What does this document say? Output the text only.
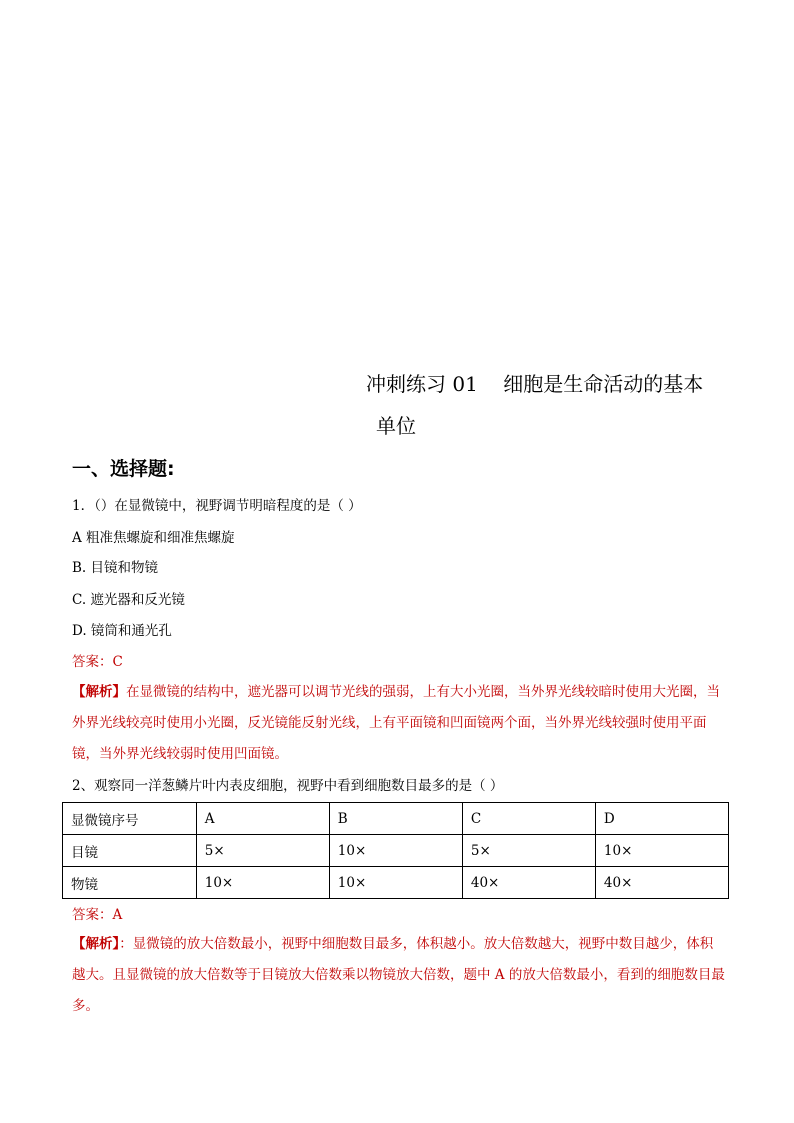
冲刺练习 01    细胞是生命活动的基本
单位
一、选择题:
1．（）在显微镜中，视野调节明暗程度的是（ ）
A 粗准焦螺旋和细准焦螺旋
B. 目镜和物镜
C. 遮光器和反光镜
D. 镜筒和通光孔
答案：C
【解析】在显微镜的结构中，遮光器可以调节光线的强弱，上有大小光圈，当外界光线较暗时使用大光圈，当外界光线较亮时使用小光圈，反光镜能反射光线，上有平面镜和凹面镜两个面，当外界光线较强时使用平面镜，当外界光线较弱时使用凹面镜。
2、观察同一洋葱鳞片叶内表皮细胞，视野中看到细胞数目最多的是（ ）
显微镜序号	A	B	C	D
目镜	5×	10×	5×	10×
物镜	10×	10×	40×	40×
答案：A
【解析】：显微镜的放大倍数最小，视野中细胞数目最多，体积越小。放大倍数越大，视野中数目越少，体积越大。且显微镜的放大倍数等于目镜放大倍数乘以物镜放大倍数，题中 A 的放大倍数最小，看到的细胞数目最多。
